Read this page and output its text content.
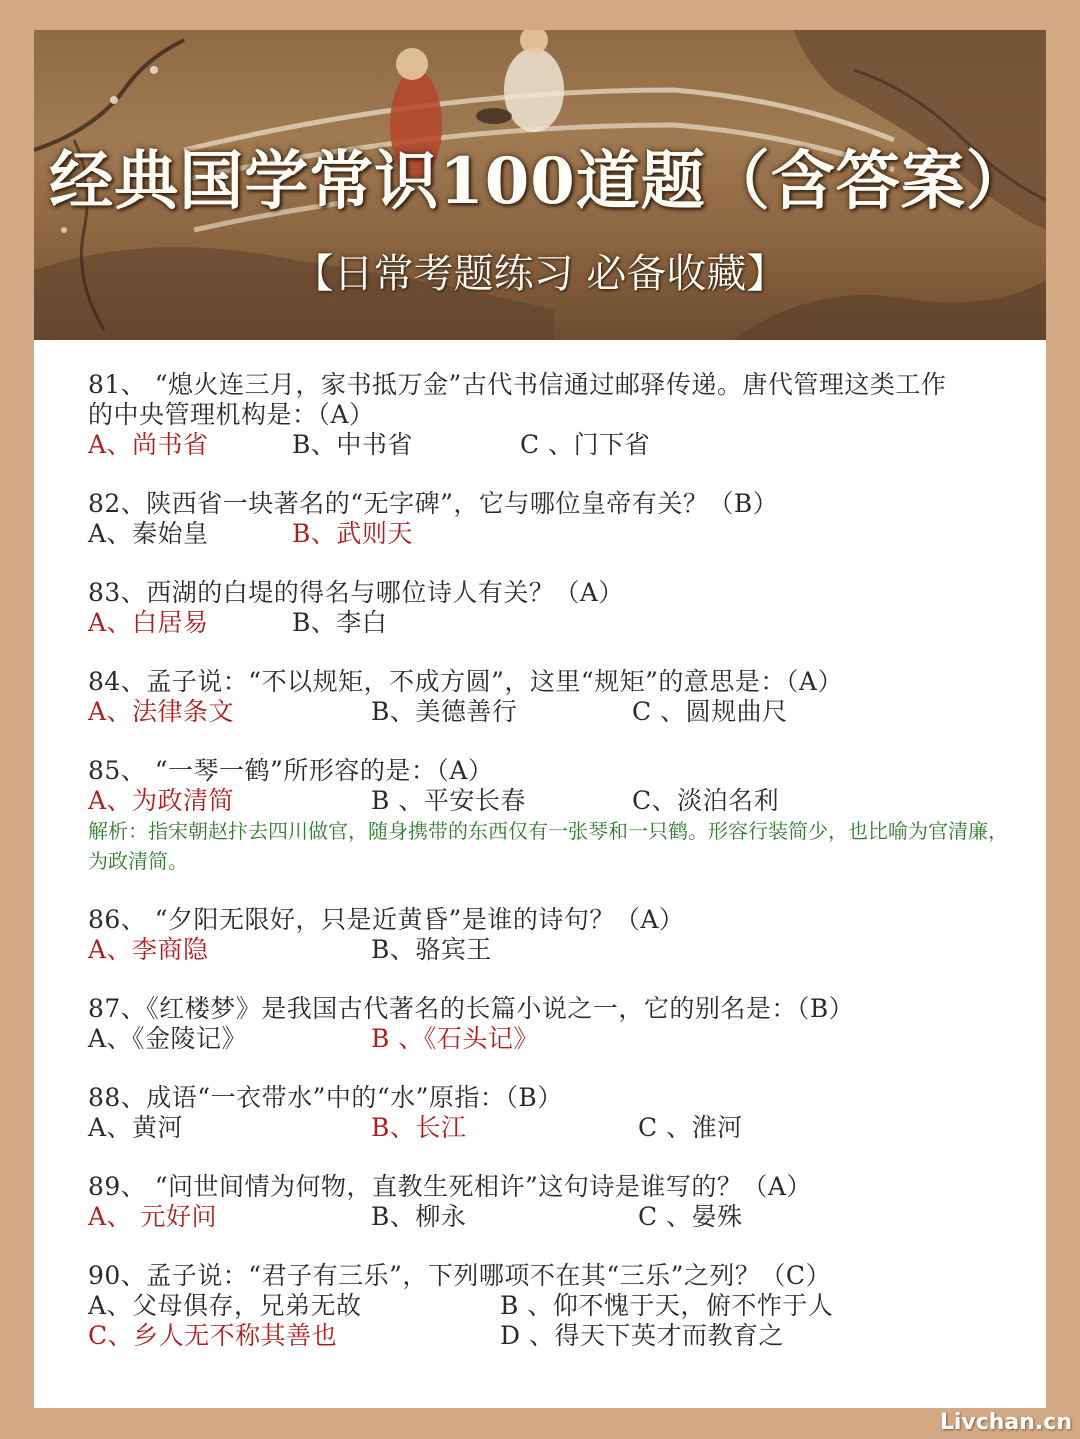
经典国学常识100道题（含答案）
【日常考题练习 必备收藏】
81、 “熄火连三月，家书抵万金”古代书信通过邮驿传递。唐代管理这类工作
的中央管理机构是：（A）
A、尚书省	B、中书省	C 、门下省
82、陕西省一块著名的“无字碑”，它与哪位皇帝有关？（B）
A、秦始皇	B、武则天
83、西湖的白堤的得名与哪位诗人有关？（A）
A、白居易	B、李白
84、孟子说：“不以规矩，不成方圆”，这里“规矩”的意思是：（A）
A、法律条文	B、美德善行	C 、圆规曲尺
85、 “一琴一鹤”所形容的是：（A）
A、为政清简	B 、平安长春	C、淡泊名利
解析：指宋朝赵抃去四川做官，随身携带的东西仅有一张琴和一只鹤。形容行装简少，也比喻为官清廉，为政清简。
86、 “夕阳无限好，只是近黄昏”是谁的诗句？（A）
A、李商隐	B、骆宾王
87、《红楼梦》是我国古代著名的长篇小说之一，它的别名是：（B）
A、《金陵记》	B 、《石头记》
88、成语“一衣带水”中的“水”原指：（B）
A、黄河	B、长江	C 、淮河
89、 “问世间情为何物，直教生死相许”这句诗是谁写的？（A）
A、 元好问	B、柳永	C 、晏殊
90、孟子说：“君子有三乐”，下列哪项不在其“三乐”之列？（C）
A、父母俱存，兄弟无故	B 、仰不愧于天，俯不怍于人
C、乡人无不称其善也	D 、得天下英才而教育之
Livchan.cn
